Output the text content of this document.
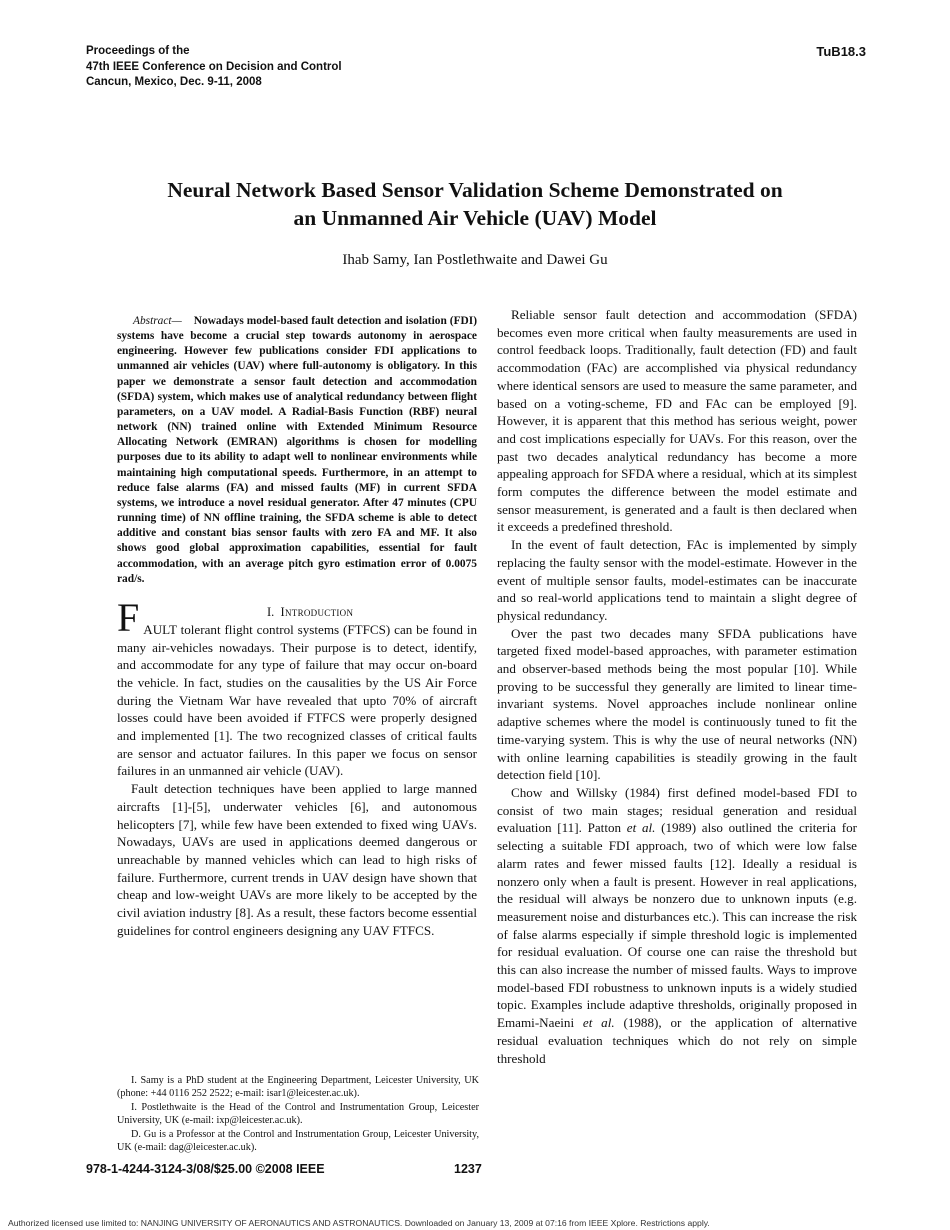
Proceedings of the
47th IEEE Conference on Decision and Control
Cancun, Mexico, Dec. 9-11, 2008
TuB18.3
Neural Network Based Sensor Validation Scheme Demonstrated on
an Unmanned Air Vehicle (UAV) Model
Ihab Samy, Ian Postlethwaite and Dawei Gu

Abstract— Nowadays model-based fault detection and isolation (FDI) systems have become a crucial step towards autonomy in aerospace engineering. However few publications consider FDI applications to unmanned air vehicles (UAV) where full-autonomy is obligatory. In this paper we demonstrate a sensor fault detection and accommodation (SFDA) system, which makes use of analytical redundancy between flight parameters, on a UAV model. A Radial-Basis Function (RBF) neural network (NN) trained online with Extended Minimum Resource Allocating Network (EMRAN) algorithms is chosen for modelling purposes due to its ability to adapt well to nonlinear environments while maintaining high computational speeds. Furthermore, in an attempt to reduce false alarms (FA) and missed faults (MF) in current SFDA systems, we introduce a novel residual generator. After 47 minutes (CPU running time) of NN offline training, the SFDA scheme is able to detect additive and constant bias sensor faults with zero FA and MF. It also shows good global approximation capabilities, essential for fault accommodation, with an average pitch gyro estimation error of 0.0075 rad/s.

F	I. Introduction

AULT tolerant flight control systems (FTFCS) can be found in many air-vehicles nowadays. Their purpose is to detect, identify, and accommodate for any type of failure that may occur on-board the vehicle. In fact, studies on the causalities by the US Air Force during the Vietnam War have revealed that upto 70% of aircraft losses could have been avoided if FTFCS were properly designed and implemented [1]. The two recognized classes of critical faults are sensor and actuator failures. In this paper we focus on sensor failures in an unmanned air vehicle (UAV).

Fault detection techniques have been applied to large manned aircrafts [1]-[5], underwater vehicles [6], and autonomous helicopters [7], while few have been extended to fixed wing UAVs. Nowadays, UAVs are used in applications deemed dangerous or unreachable by manned vehicles which can lead to high risks of failure. Furthermore, current trends in UAV design have shown that cheap and low-weight UAVs are more likely to be accepted by the civil aviation industry [8]. As a result, these factors become essential guidelines for control engineers designing any UAV FTFCS.

Reliable sensor fault detection and accommodation (SFDA) becomes even more critical when faulty measurements are used in control feedback loops. Traditionally, fault detection (FD) and fault accommodation (FAc) are accomplished via physical redundancy where identical sensors are used to measure the same parameter, and based on a voting-scheme, FD and FAc can be employed [9]. However, it is apparent that this method has serious weight, power and cost implications especially for UAVs. For this reason, over the past two decades analytical redundancy has become a more appealing approach for SFDA where a residual, which at its simplest form computes the difference between the model estimate and sensor measurement, is generated and a fault is then declared when it exceeds a predefined threshold.

In the event of fault detection, FAc is implemented by simply replacing the faulty sensor with the model-estimate. However in the event of multiple sensor faults, model-estimates can be inaccurate and so real-world applications tend to maintain a slight degree of physical redundancy.

Over the past two decades many SFDA publications have targeted fixed model-based approaches, with parameter estimation and observer-based methods being the most popular [10]. While proving to be successful they generally are limited to linear time-invariant systems. Novel approaches include nonlinear online adaptive schemes where the model is continuously tuned to fit the time-varying system. This is why the use of neural networks (NN) with online learning capabilities is steadily growing in the fault detection field [10].

Chow and Willsky (1984) first defined model-based FDI to consist of two main stages; residual generation and residual evaluation [11]. Patton et al. (1989) also outlined the criteria for selecting a suitable FDI approach, two of which were low false alarm rates and fewer missed faults [12]. Ideally a residual is nonzero only when a fault is present. However in real applications, the residual will always be nonzero due to unknown inputs (e.g. measurement noise and disturbances etc.). This can increase the risk of false alarms especially if simple threshold logic is implemented for residual evaluation. Of course one can raise the threshold but this can also increase the number of missed faults. Ways to improve model-based FDI robustness to unknown inputs is a widely studied topic. Examples include adaptive thresholds, originally proposed in Emami-Naeini et al. (1988), or the application of alternative residual evaluation techniques which do not rely on simple threshold

I. Samy is a PhD student at the Engineering Department, Leicester University, UK (phone: +44 0116 252 2522; e-mail: isar1@leicester.ac.uk).

I. Postlethwaite is the Head of the Control and Instrumentation Group, Leicester University, UK (e-mail: ixp@leicester.ac.uk).

D. Gu is a Professor at the Control and Instrumentation Group, Leicester University, UK (e-mail: dag@leicester.ac.uk).

978-1-4244-3124-3/08/$25.00 ©2008 IEEE	1237
Authorized licensed use limited to: NANJING UNIVERSITY OF AERONAUTICS AND ASTRONAUTICS. Downloaded on January 13, 2009 at 07:16 from IEEE Xplore. Restrictions apply.
